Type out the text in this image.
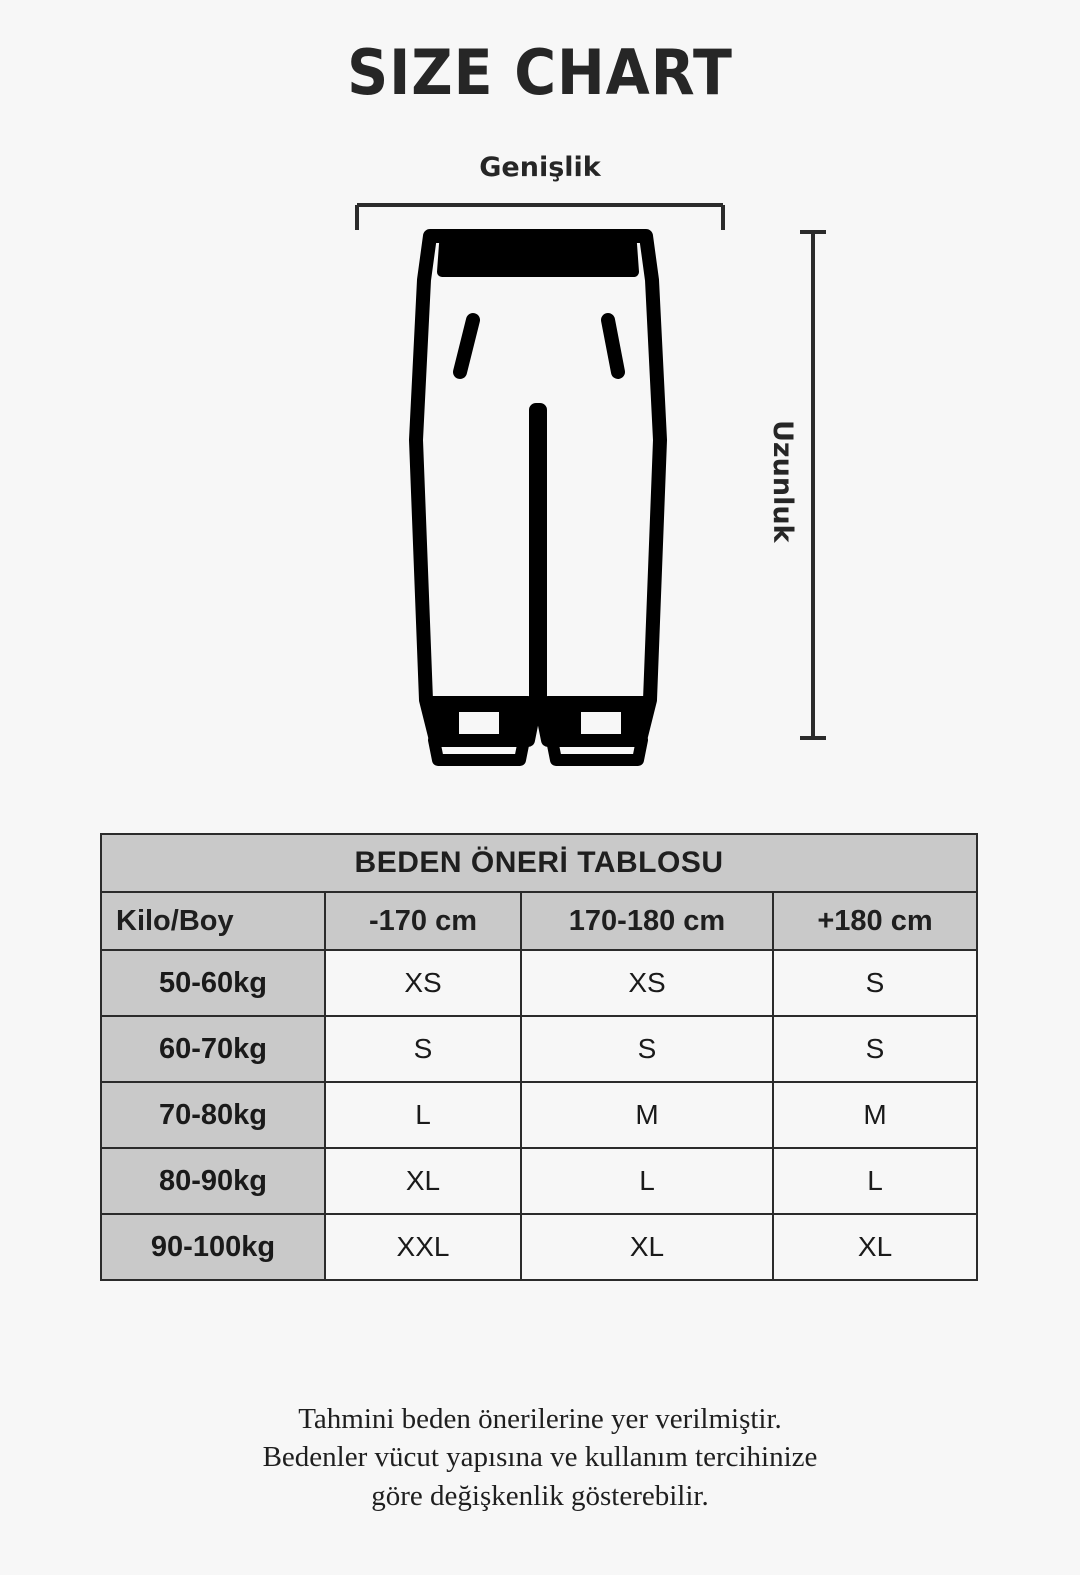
SIZE CHART
Genişlik
Uzunluk
BEDEN ÖNERİ TABLOSU			
Kilo/Boy	-170 cm	170-180 cm	+180 cm
50-60kg	XS	XS	S
60-70kg	S	S	S
70-80kg	L	M	M
80-90kg	XL	L	L
90-100kg	XXL	XL	XL
Tahmini beden önerilerine yer verilmiştir.
Bedenler vücut yapısına ve kullanım tercihinize
göre değişkenlik gösterebilir.
